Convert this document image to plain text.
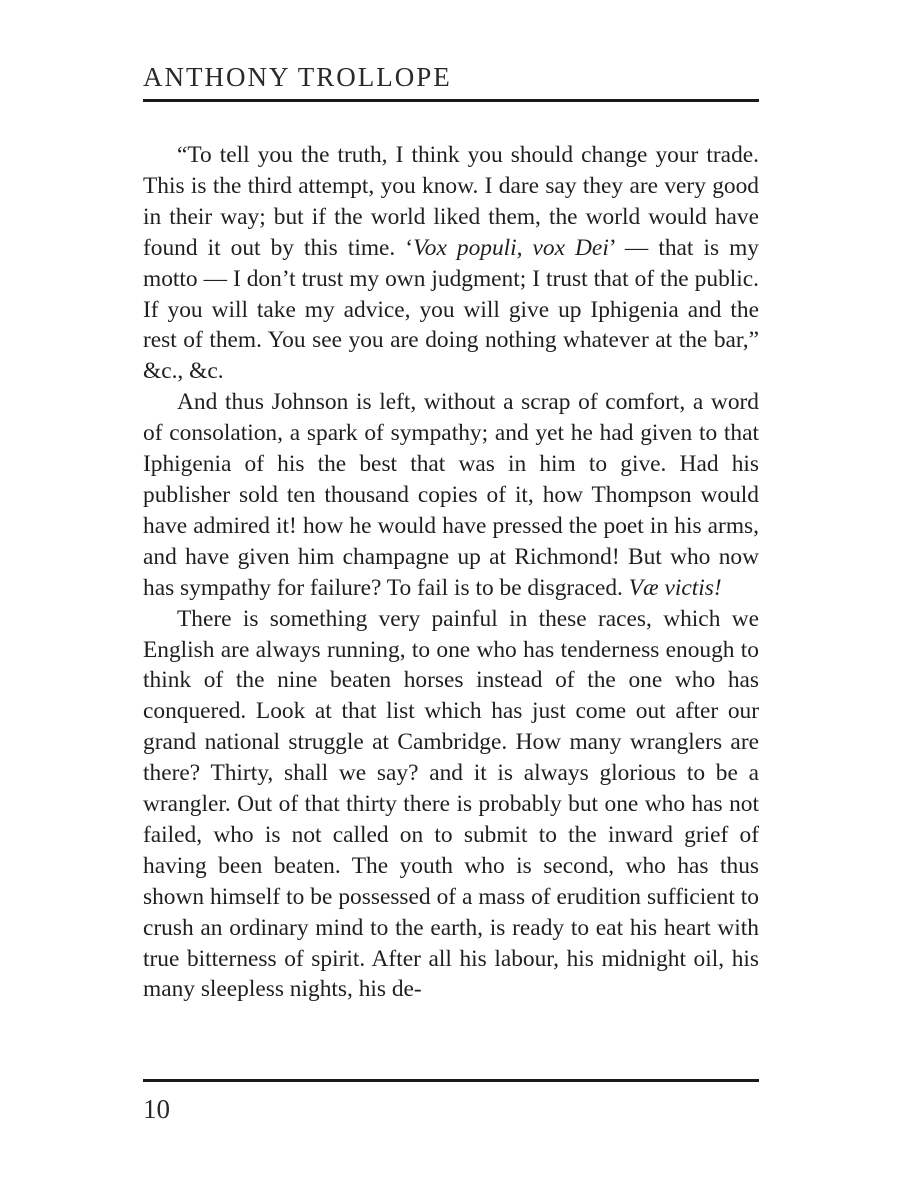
ANTHONY TROLLOPE

“To tell you the truth, I think you should change your trade. This is the third attempt, you know. I dare say they are very good in their way; but if the world liked them, the world would have found it out by this time. ‘Vox populi, vox Dei’ — that is my motto — I don’t trust my own judgment; I trust that of the public. If you will take my advice, you will give up Iphigenia and the rest of them. You see you are doing nothing whatever at the bar,” &c., &c.

And thus Johnson is left, without a scrap of comfort, a word of consolation, a spark of sympathy; and yet he had given to that Iphigenia of his the best that was in him to give. Had his publisher sold ten thousand copies of it, how Thompson would have admired it! how he would have pressed the poet in his arms, and have given him champagne up at Richmond! But who now has sympathy for failure? To fail is to be disgraced. Væ victis!

There is something very painful in these races, which we English are always running, to one who has tenderness enough to think of the nine beaten horses instead of the one who has conquered. Look at that list which has just come out after our grand national struggle at Cambridge. How many wranglers are there? Thirty, shall we say? and it is always glorious to be a wrangler. Out of that thirty there is probably but one who has not failed, who is not called on to submit to the inward grief of having been beaten. The youth who is second, who has thus shown himself to be possessed of a mass of erudition sufficient to crush an ordinary mind to the earth, is ready to eat his heart with true bitterness of spirit. After all his labour, his midnight oil, his many sleepless nights, his de-

10
